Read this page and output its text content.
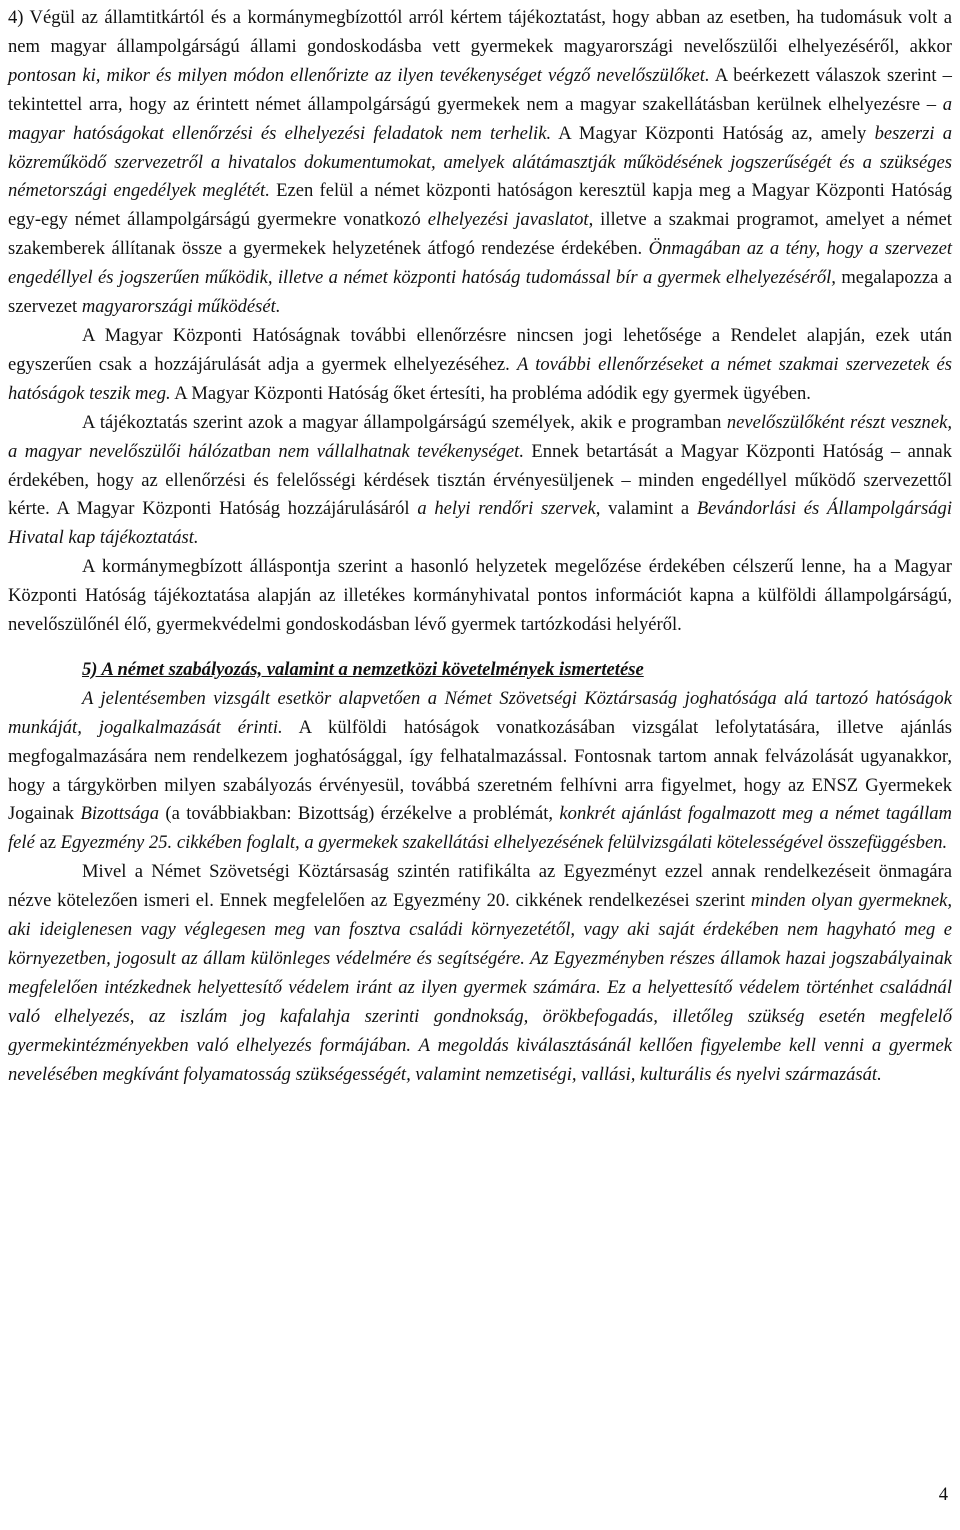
4) Végül az államtitkártól és a kormánymegbízottól arról kértem tájékoztatást, hogy abban az esetben, ha tudomásuk volt a nem magyar állampolgárságú állami gondoskodásba vett gyermekek magyarországi nevelőszülői elhelyezéséről, akkor pontosan ki, mikor és milyen módon ellenőrizte az ilyen tevékenységet végző nevelőszülőket. A beérkezett válaszok szerint – tekintettel arra, hogy az érintett német állampolgárságú gyermekek nem a magyar szakellátásban kerülnek elhelyezésre – a magyar hatóságokat ellenőrzési és elhelyezési feladatok nem terhelik. A Magyar Központi Hatóság az, amely beszerzi a közreműködő szervezetről a hivatalos dokumentumokat, amelyek alátámasztják működésének jogszerűségét és a szükséges németországi engedélyek meglétét. Ezen felül a német központi hatóságon keresztül kapja meg a Magyar Központi Hatóság egy-egy német állampolgárságú gyermekre vonatkozó elhelyezési javaslatot, illetve a szakmai programot, amelyet a német szakemberek állítanak össze a gyermekek helyzetének átfogó rendezése érdekében. Önmagában az a tény, hogy a szervezet engedéllyel és jogszerűen működik, illetve a német központi hatóság tudomással bír a gyermek elhelyezéséről, megalapozza a szervezet magyarországi működését.

A Magyar Központi Hatóságnak további ellenőrzésre nincsen jogi lehetősége a Rendelet alapján, ezek után egyszerűen csak a hozzájárulását adja a gyermek elhelyezéséhez. A további ellenőrzéseket a német szakmai szervezetek és hatóságok teszik meg. A Magyar Központi Hatóság őket értesíti, ha probléma adódik egy gyermek ügyében.

A tájékoztatás szerint azok a magyar állampolgárságú személyek, akik e programban nevelőszülőként részt vesznek, a magyar nevelőszülői hálózatban nem vállalhatnak tevékenységet. Ennek betartását a Magyar Központi Hatóság – annak érdekében, hogy az ellenőrzési és felelősségi kérdések tisztán érvényesüljenek – minden engedéllyel működő szervezettől kérte. A Magyar Központi Hatóság hozzájárulásáról a helyi rendőri szervek, valamint a Bevándorlási és Állampolgársági Hivatal kap tájékoztatást.

A kormánymegbízott álláspontja szerint a hasonló helyzetek megelőzése érdekében célszerű lenne, ha a Magyar Központi Hatóság tájékoztatása alapján az illetékes kormányhivatal pontos információt kapna a külföldi állampolgárságú, nevelőszülőnél élő, gyermekvédelmi gondoskodásban lévő gyermek tartózkodási helyéről.

5) A német szabályozás, valamint a nemzetközi követelmények ismertetése

A jelentésemben vizsgált esetkör alapvetően a Német Szövetségi Köztársaság joghatósága alá tartozó hatóságok munkáját, jogalkalmazását érinti. A külföldi hatóságok vonatkozásában vizsgálat lefolytatására, illetve ajánlás megfogalmazására nem rendelkezem joghatósággal, így felhatalmazással. Fontosnak tartom annak felvázolását ugyanakkor, hogy a tárgykörben milyen szabályozás érvényesül, továbbá szeretném felhívni arra figyelmet, hogy az ENSZ Gyermekek Jogainak Bizottsága (a továbbiakban: Bizottság) érzékelve a problémát, konkrét ajánlást fogalmazott meg a német tagállam felé az Egyezmény 25. cikkében foglalt, a gyermekek szakellátási elhelyezésének felülvizsgálati kötelességével összefüggésben.

Mivel a Német Szövetségi Köztársaság szintén ratifikálta az Egyezményt ezzel annak rendelkezéseit önmagára nézve kötelezően ismeri el. Ennek megfelelően az Egyezmény 20. cikkének rendelkezései szerint minden olyan gyermeknek, aki ideiglenesen vagy véglegesen meg van fosztva családi környezetétől, vagy aki saját érdekében nem hagyható meg e környezetben, jogosult az állam különleges védelmére és segítségére. Az Egyezményben részes államok hazai jogszabályainak megfelelően intézkednek helyettesítő védelem iránt az ilyen gyermek számára. Ez a helyettesítő védelem történhet családnál való elhelyezés, az iszlám jog kafalahja szerinti gondnokság, örökbefogadás, illetőleg szükség esetén megfelelő gyermekintézményekben való elhelyezés formájában. A megoldás kiválasztásánál kellően figyelembe kell venni a gyermek nevelésében megkívánt folyamatosság szükségességét, valamint nemzetiségi, vallási, kulturális és nyelvi származását.

4
